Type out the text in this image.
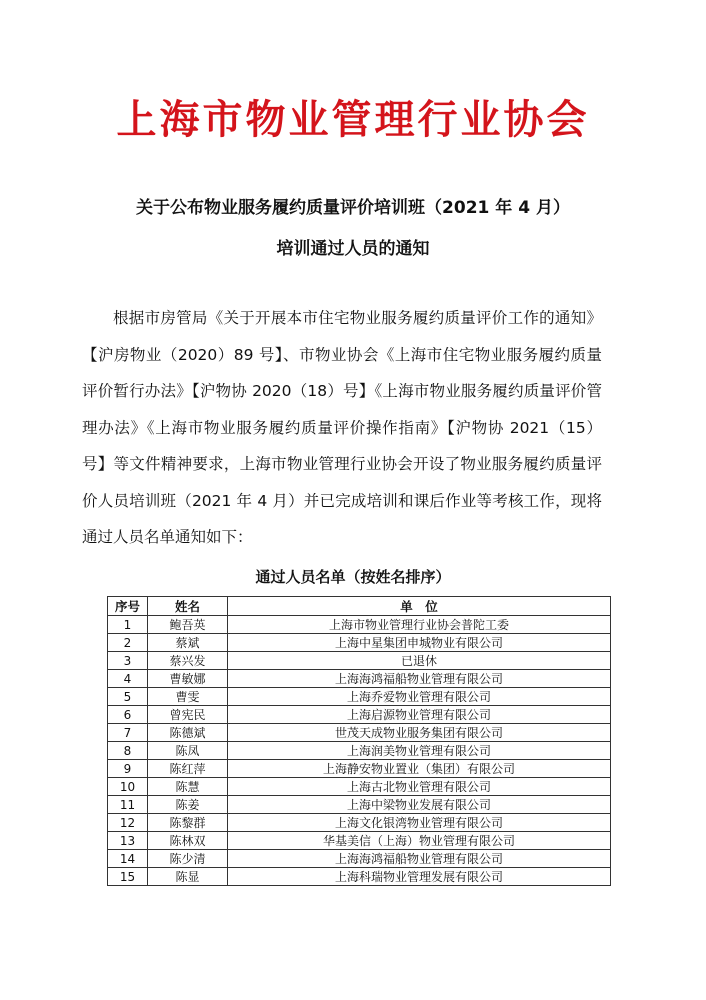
上海市物业管理行业协会
关于公布物业服务履约质量评价培训班（2021 年 4 月）
培训通过人员的通知

根据市房管局《关于开展本市住宅物业服务履约质量评价工作的通知》【沪房物业（2020）89 号】、市物业协会《上海市住宅物业服务履约质量评价暂行办法》【沪物协 2020（18）号】《上海市物业服务履约质量评价管理办法》《上海市物业服务履约质量评价操作指南》【沪物协 2021（15）号】等文件精神要求，上海市物业管理行业协会开设了物业服务履约质量评价人员培训班（2021 年 4 月）并已完成培训和课后作业等考核工作，现将通过人员名单通知如下：

通过人员名单（按姓名排序）
序号	姓名	单　位
1	鲍吾英	上海市物业管理行业协会普陀工委
2	蔡斌	上海中星集团申城物业有限公司
3	蔡兴发	已退休
4	曹敏娜	上海海鸿福船物业管理有限公司
5	曹雯	上海乔爱物业管理有限公司
6	曾宪民	上海启源物业管理有限公司
7	陈德斌	世茂天成物业服务集团有限公司
8	陈凤	上海润美物业管理有限公司
9	陈红萍	上海静安物业置业（集团）有限公司
10	陈慧	上海古北物业管理有限公司
11	陈姜	上海中梁物业发展有限公司
12	陈黎群	上海文化银湾物业管理有限公司
13	陈林双	华基美信（上海）物业管理有限公司
14	陈少清	上海海鸿福船物业管理有限公司
15	陈显	上海科瑞物业管理发展有限公司
